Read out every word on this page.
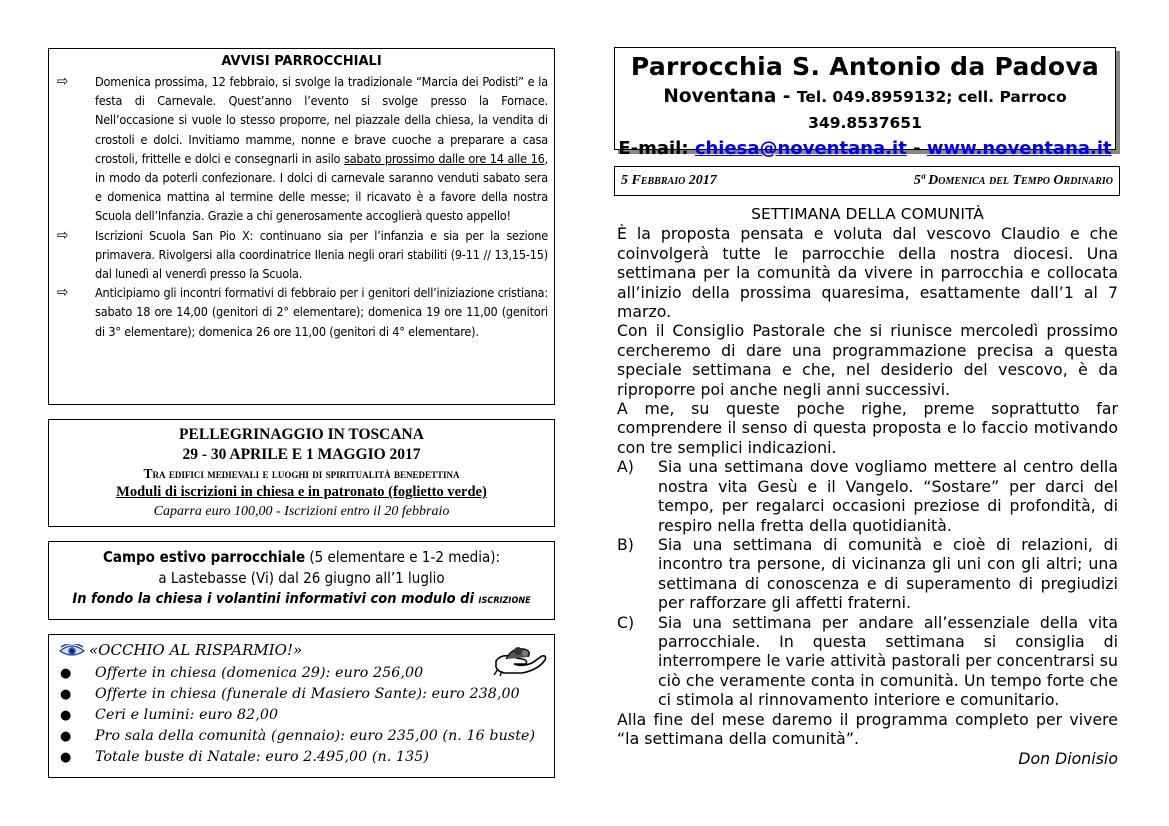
AVVISI PARROCCHIALI
⇨ Domenica prossima, 12 febbraio, si svolge la tradizionale “Marcia dei Podisti” e la festa di Carnevale. Quest’anno l’evento si svolge presso la Fornace. Nell’occasione si vuole lo stesso proporre, nel piazzale della chiesa, la vendita di crostoli e dolci. Invitiamo mamme, nonne e brave cuoche a preparare a casa crostoli, frittelle e dolci e consegnarli in asilo sabato prossimo dalle ore 14 alle 16, in modo da poterli confezionare. I dolci di carnevale saranno venduti sabato sera e domenica mattina al termine delle messe; il ricavato è a favore della nostra Scuola dell’Infanzia. Grazie a chi generosamente accoglierà questo appello!
⇨ Iscrizioni Scuola San Pio X: continuano sia per l’infanzia e sia per la sezione primavera. Rivolgersi alla coordinatrice Ilenia negli orari stabiliti (9-11 // 13,15-15) dal lunedì al venerdì presso la Scuola.
⇨ Anticipiamo gli incontri formativi di febbraio per i genitori dell’iniziazione cristiana: sabato 18 ore 14,00 (genitori di 2° elementare); domenica 19 ore 11,00 (genitori di 3° elementare); domenica 26 ore 11,00 (genitori di 4° elementare).
PELLEGRINAGGIO IN TOSCANA
29 - 30 APRILE E 1 MAGGIO 2017
Tra edifici medievali e luoghi di spiritualità benedettina
Moduli di iscrizioni in chiesa e in patronato (foglietto verde)
Caparra euro 100,00 - Iscrizioni entro il 20 febbraio
Campo estivo parrocchiale (5 elementare e 1-2 media):
a Lastebasse (Vi) dal 26 giugno all’1 luglio
In fondo la chiesa i volantini informativi con modulo di iscrizione
«OCCHIO AL RISPARMIO!»
● Offerte in chiesa (domenica 29): euro 256,00
● Offerte in chiesa (funerale di Masiero Sante): euro 238,00
● Ceri e lumini: euro 82,00
● Pro sala della comunità (gennaio): euro 235,00 (n. 16 buste)
● Totale buste di Natale: euro 2.495,00 (n. 135)
Parrocchia S. Antonio da Padova
Noventana - Tel. 049.8959132; cell. Parroco 349.8537651
E-mail: chiesa@noventana.it - www.noventana.it
5 Febbraio 2017	5ª Domenica del Tempo Ordinario
SETTIMANA DELLA COMUNITÀ

È la proposta pensata e voluta dal vescovo Claudio e che coinvolgerà tutte le parrocchie della nostra diocesi. Una settimana per la comunità da vivere in parrocchia e collocata all’inizio della prossima quaresima, esattamente dall’1 al 7 marzo.

Con il Consiglio Pastorale che si riunisce mercoledì prossimo cercheremo di dare una programmazione precisa a questa speciale settimana e che, nel desiderio del vescovo, è da riproporre poi anche negli anni successivi.

A me, su queste poche righe, preme soprattutto far comprendere il senso di questa proposta e lo faccio motivando con tre semplici indicazioni.

A) Sia una settimana dove vogliamo mettere al centro della nostra vita Gesù e il Vangelo. “Sostare” per darci del tempo, per regalarci occasioni preziose di profondità, di respiro nella fretta della quotidianità.
B) Sia una settimana di comunità e cioè di relazioni, di incontro tra persone, di vicinanza gli uni con gli altri; una settimana di conoscenza e di superamento di pregiudizi per rafforzare gli affetti fraterni.
C) Sia una settimana per andare all’essenziale della vita parrocchiale. In questa settimana si consiglia di interrompere le varie attività pastorali per concentrarsi su ciò che veramente conta in comunità. Un tempo forte che ci stimola al rinnovamento interiore e comunitario.

Alla fine del mese daremo il programma completo per vivere “la settimana della comunità”.

Don Dionisio
